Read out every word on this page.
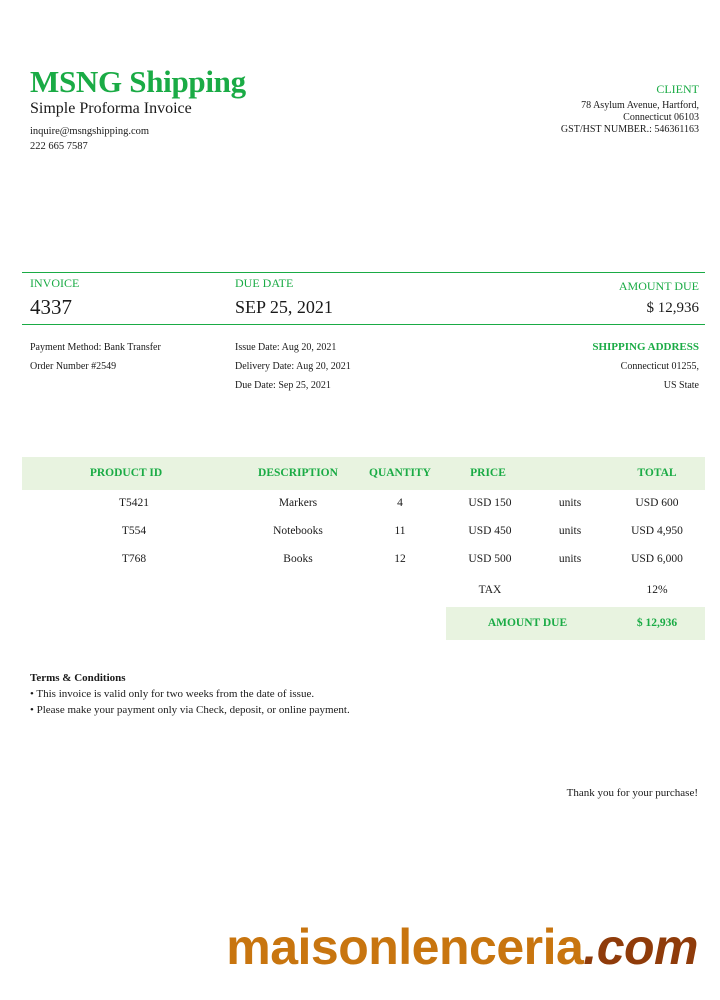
MSNG Shipping
Simple Proforma Invoice
inquire@msngshipping.com
222 665 7587
CLIENT
78 Asylum Avenue, Hartford,
Connecticut 06103
GST/HST NUMBER.: 546361163
INVOICE
4337
DUE DATE
SEP 25, 2021
AMOUNT DUE
$ 12,936
Payment Method: Bank Transfer
Order Number #2549
Issue Date: Aug 20, 2021
Delivery Date: Aug 20, 2021
Due Date: Sep 25, 2021
SHIPPING ADDRESS
Connecticut 01255,
US State
PRODUCT ID	DESCRIPTION	QUANTITY	PRICE	TOTAL
T5421	Markers	4	USD 150	units	USD 600
T554	Notebooks	11	USD 450	units	USD 4,950
T768	Books	12	USD 500	units	USD 6,000
TAX	12%
AMOUNT DUE	$ 12,936
Terms & Conditions
• This invoice is valid only for two weeks from the date of issue.
• Please make your payment only via Check, deposit, or online payment.
Thank you for your purchase!
maisonlenceria.com
